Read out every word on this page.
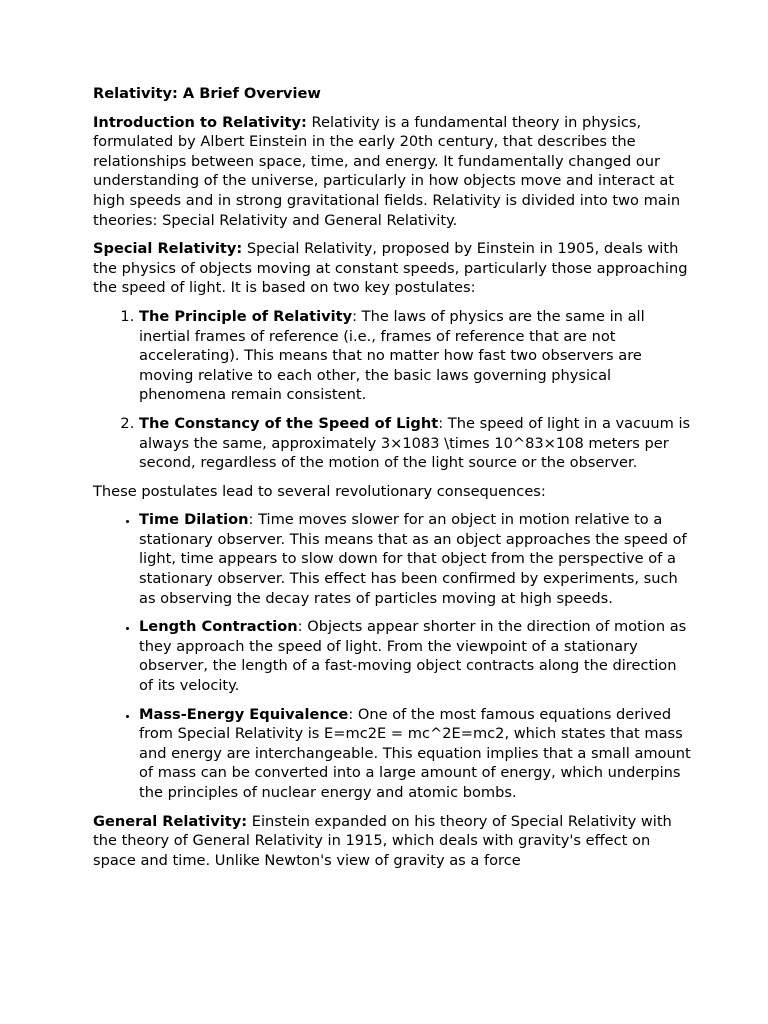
Relativity: A Brief Overview

Introduction to Relativity: Relativity is a fundamental theory in physics, formulated by Albert Einstein in the early 20th century, that describes the relationships between space, time, and energy. It fundamentally changed our understanding of the universe, particularly in how objects move and interact at high speeds and in strong gravitational fields. Relativity is divided into two main theories: Special Relativity and General Relativity.

Special Relativity: Special Relativity, proposed by Einstein in 1905, deals with the physics of objects moving at constant speeds, particularly those approaching the speed of light. It is based on two key postulates:

1. The Principle of Relativity: The laws of physics are the same in all inertial frames of reference (i.e., frames of reference that are not accelerating). This means that no matter how fast two observers are moving relative to each other, the basic laws governing physical phenomena remain consistent.
2. The Constancy of the Speed of Light: The speed of light in a vacuum is always the same, approximately 3×1083 \times 10^83×108 meters per second, regardless of the motion of the light source or the observer.

These postulates lead to several revolutionary consequences:

• Time Dilation: Time moves slower for an object in motion relative to a stationary observer. This means that as an object approaches the speed of light, time appears to slow down for that object from the perspective of a stationary observer. This effect has been confirmed by experiments, such as observing the decay rates of particles moving at high speeds.
• Length Contraction: Objects appear shorter in the direction of motion as they approach the speed of light. From the viewpoint of a stationary observer, the length of a fast-moving object contracts along the direction of its velocity.
• Mass-Energy Equivalence: One of the most famous equations derived from Special Relativity is E=mc2E = mc^2E=mc2, which states that mass and energy are interchangeable. This equation implies that a small amount of mass can be converted into a large amount of energy, which underpins the principles of nuclear energy and atomic bombs.

General Relativity: Einstein expanded on his theory of Special Relativity with the theory of General Relativity in 1915, which deals with gravity's effect on space and time. Unlike Newton's view of gravity as a force
